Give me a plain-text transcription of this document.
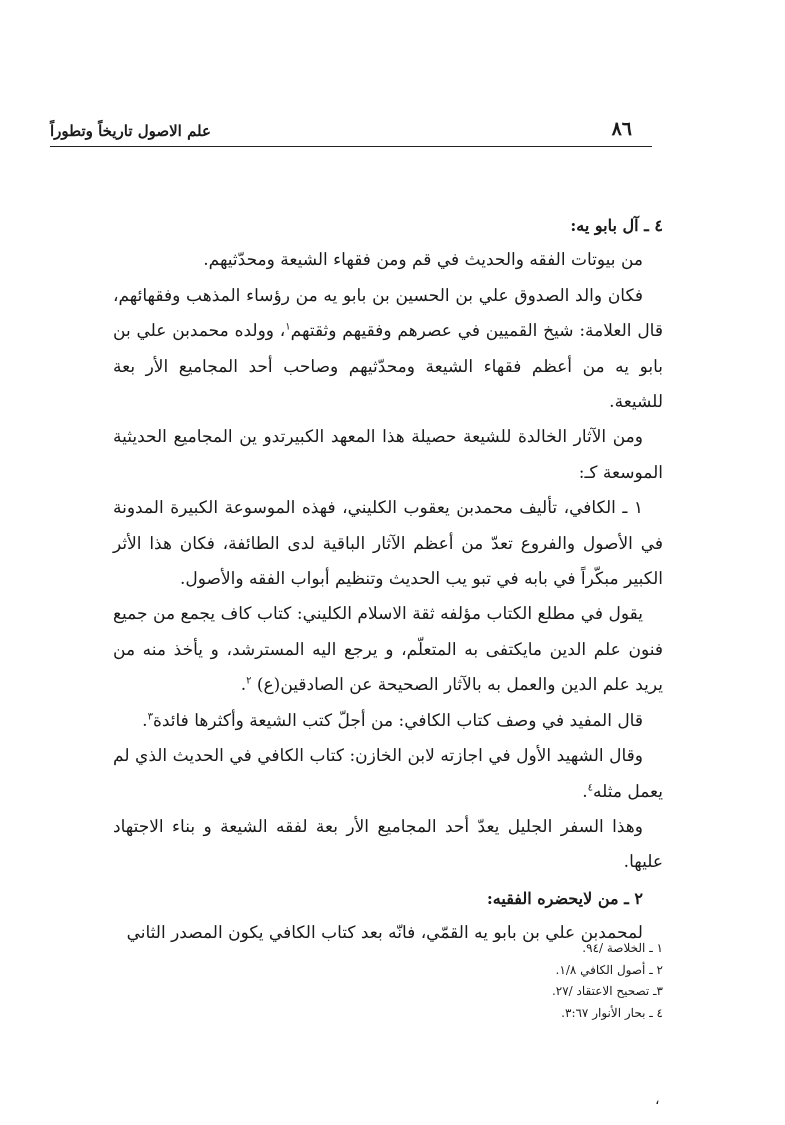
علم الاصول تاريخاً وتطوراً	٨٦

٤ ـ آل بابو يه:

من بيوتات الفقه والحديث في قم ومن فقهاء الشيعة ومحدّثيهم.

فكان والد الصدوق علي بن الحسين بن بابو يه من رؤساء المذهب وفقهائهم، قال العلامة: شيخ القميين في عصرهم وفقيهم وثقتهم$^١$، وولده محمدبن علي بن بابو يه من أعظم فقهاء الشيعة ومحدّثيهم وصاحب أحد المجاميع الأر بعة للشيعة.

ومن الآثار الخالدة للشيعة حصيلة هذا المعهد الكبيرتدو ين المجاميع الحديثية الموسعة كـ:

١ ـ الكافي، تأليف محمدبن يعقوب الكليني، فهذه الموسوعة الكبيرة المدونة في الأصول والفروع تعدّ من أعظم الآثار الباقية لدى الطائفة، فكان هذا الأثر الكبير مبكّراً في بابه في تبو يب الحديث وتنظيم أبواب الفقه والأصول.

يقول في مطلع الكتاب مؤلفه ثقة الاسلام الكليني: كتاب كاف يجمع من جميع فنون علم الدين مايكتفى به المتعلّم، و يرجع اليه المسترشد، و يأخذ منه من يريد علم الدين والعمل به بالآثار الصحيحة عن الصادقين(ع) $^٢$.

قال المفيد في وصف كتاب الكافي: من أجلّ كتب الشيعة وأكثرها فائدة$^٣$.

وقال الشهيد الأول في اجازته لابن الخازن: كتاب الكافي في الحديث الذي لم يعمل مثله$^٤$.

وهذا السفر الجليل يعدّ أحد المجاميع الأر بعة لفقه الشيعة و بناء الاجتهاد عليها.

٢ ـ من لايحضره الفقيه:

لمحمدبن علي بن بابو يه القمّي، فانّه بعد كتاب الكافي يكون المصدر الثاني

١ ـ الخلاصة /٩٤.
٢ ـ أصول الكافي ١/٨.
٣ـ تصحيح الاعتقاد /٢٧.
٤ ـ بحار الأنوار ٣:٦٧.
،
